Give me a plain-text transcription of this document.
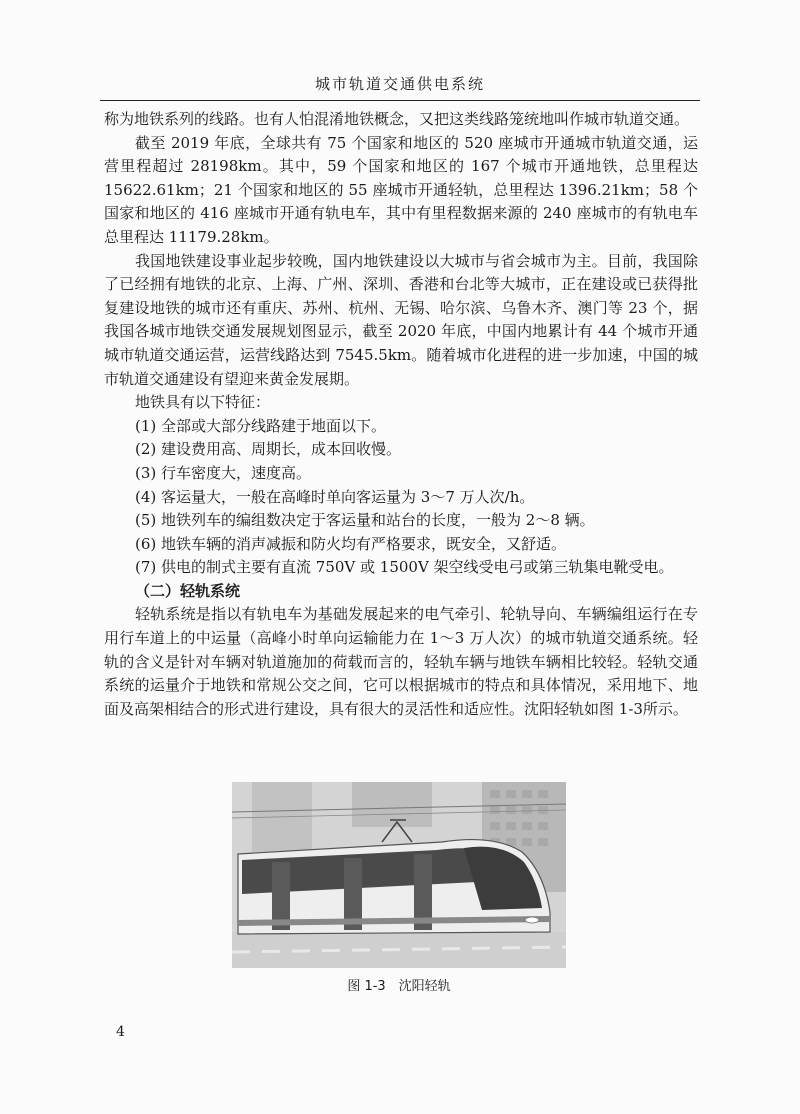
城市轨道交通供电系统

称为地铁系列的线路。也有人怕混淆地铁概念，又把这类线路笼统地叫作城市轨道交通。

截至 2019 年底，全球共有 75 个国家和地区的 520 座城市开通城市轨道交通，运营里程超过 28198km。其中，59 个国家和地区的 167 个城市开通地铁，总里程达 15622.61km；21 个国家和地区的 55 座城市开通轻轨，总里程达 1396.21km；58 个国家和地区的 416 座城市开通有轨电车，其中有里程数据来源的 240 座城市的有轨电车总里程达 11179.28km。

我国地铁建设事业起步较晚，国内地铁建设以大城市与省会城市为主。目前，我国除了已经拥有地铁的北京、上海、广州、深圳、香港和台北等大城市，正在建设或已获得批复建设地铁的城市还有重庆、苏州、杭州、无锡、哈尔滨、乌鲁木齐、澳门等 23 个，据我国各城市地铁交通发展规划图显示，截至 2020 年底，中国内地累计有 44 个城市开通城市轨道交通运营，运营线路达到 7545.5km。随着城市化进程的进一步加速，中国的城市轨道交通建设有望迎来黄金发展期。

地铁具有以下特征：

(1) 全部或大部分线路建于地面以下。

(2) 建设费用高、周期长，成本回收慢。

(3) 行车密度大，速度高。

(4) 客运量大，一般在高峰时单向客运量为 3～7 万人次/h。

(5) 地铁列车的编组数决定于客运量和站台的长度，一般为 2～8 辆。

(6) 地铁车辆的消声减振和防火均有严格要求，既安全，又舒适。

(7) 供电的制式主要有直流 750V 或 1500V 架空线受电弓或第三轨集电靴受电。

（二）轻轨系统

轻轨系统是指以有轨电车为基础发展起来的电气牵引、轮轨导向、车辆编组运行在专用行车道上的中运量（高峰小时单向运输能力在 1～3 万人次）的城市轨道交通系统。轻轨的含义是针对车辆对轨道施加的荷载而言的，轻轨车辆与地铁车辆相比较轻。轻轨交通系统的运量介于地铁和常规公交之间，它可以根据城市的特点和具体情况，采用地下、地面及高架相结合的形式进行建设，具有很大的灵活性和适应性。沈阳轻轨如图 1-3所示。

图 1-3　沈阳轻轨
4
